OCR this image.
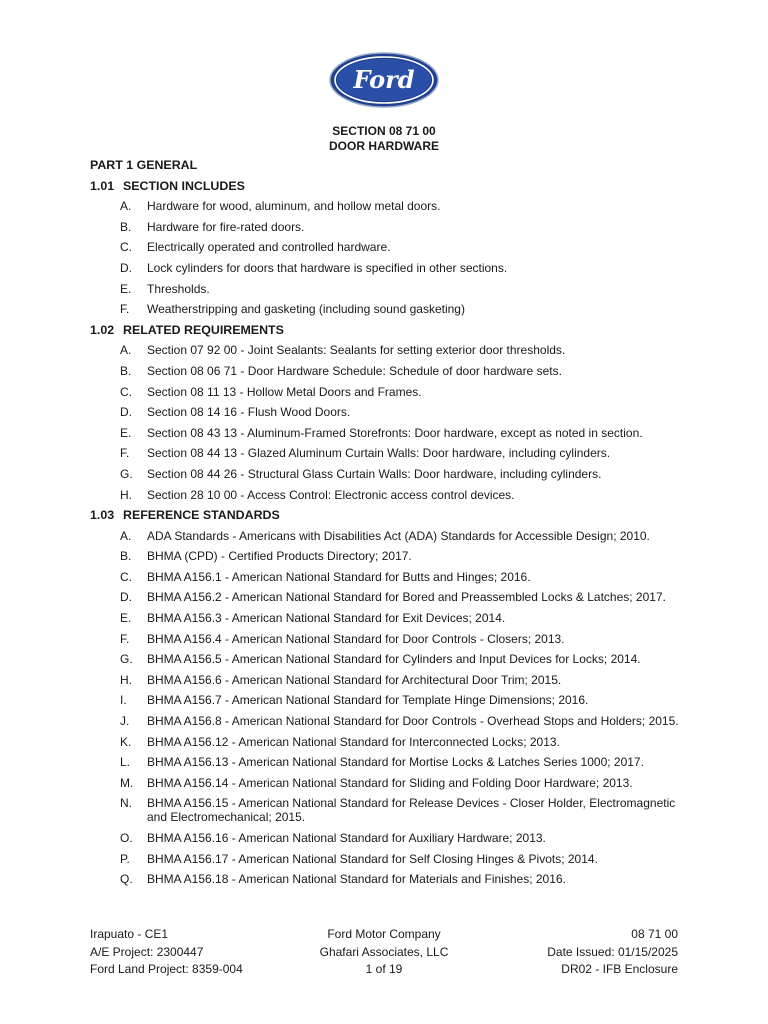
Ford
SECTION 08 71 00
DOOR HARDWARE
PART 1 GENERAL
1.01 SECTION INCLUDES
A. Hardware for wood, aluminum, and hollow metal doors.
B. Hardware for fire-rated doors.
C. Electrically operated and controlled hardware.
D. Lock cylinders for doors that hardware is specified in other sections.
E. Thresholds.
F. Weatherstripping and gasketing (including sound gasketing)
1.02 RELATED REQUIREMENTS
A. Section 07 92 00 - Joint Sealants: Sealants for setting exterior door thresholds.
B. Section 08 06 71 - Door Hardware Schedule: Schedule of door hardware sets.
C. Section 08 11 13 - Hollow Metal Doors and Frames.
D. Section 08 14 16 - Flush Wood Doors.
E. Section 08 43 13 - Aluminum-Framed Storefronts: Door hardware, except as noted in section.
F. Section 08 44 13 - Glazed Aluminum Curtain Walls: Door hardware, including cylinders.
G. Section 08 44 26 - Structural Glass Curtain Walls: Door hardware, including cylinders.
H. Section 28 10 00 - Access Control: Electronic access control devices.
1.03 REFERENCE STANDARDS
A. ADA Standards - Americans with Disabilities Act (ADA) Standards for Accessible Design; 2010.
B. BHMA (CPD) - Certified Products Directory; 2017.
C. BHMA A156.1 - American National Standard for Butts and Hinges; 2016.
D. BHMA A156.2 - American National Standard for Bored and Preassembled Locks & Latches; 2017.
E. BHMA A156.3 - American National Standard for Exit Devices; 2014.
F. BHMA A156.4 - American National Standard for Door Controls - Closers; 2013.
G. BHMA A156.5 - American National Standard for Cylinders and Input Devices for Locks; 2014.
H. BHMA A156.6 - American National Standard for Architectural Door Trim; 2015.
I. BHMA A156.7 - American National Standard for Template Hinge Dimensions; 2016.
J. BHMA A156.8 - American National Standard for Door Controls - Overhead Stops and Holders; 2015.
K. BHMA A156.12 - American National Standard for Interconnected Locks; 2013.
L. BHMA A156.13 - American National Standard for Mortise Locks & Latches Series 1000; 2017.
M. BHMA A156.14 - American National Standard for Sliding and Folding Door Hardware; 2013.
N. BHMA A156.15 - American National Standard for Release Devices - Closer Holder, Electromagnetic and Electromechanical; 2015.
O. BHMA A156.16 - American National Standard for Auxiliary Hardware; 2013.
P. BHMA A156.17 - American National Standard for Self Closing Hinges & Pivots; 2014.
Q. BHMA A156.18 - American National Standard for Materials and Finishes; 2016.
Irapuato - CE1
A/E Project: 2300447
Ford Land Project: 8359-004
Ford Motor Company
Ghafari Associates, LLC
1 of 19
08 71 00
Date Issued: 01/15/2025
DR02 - IFB Enclosure
